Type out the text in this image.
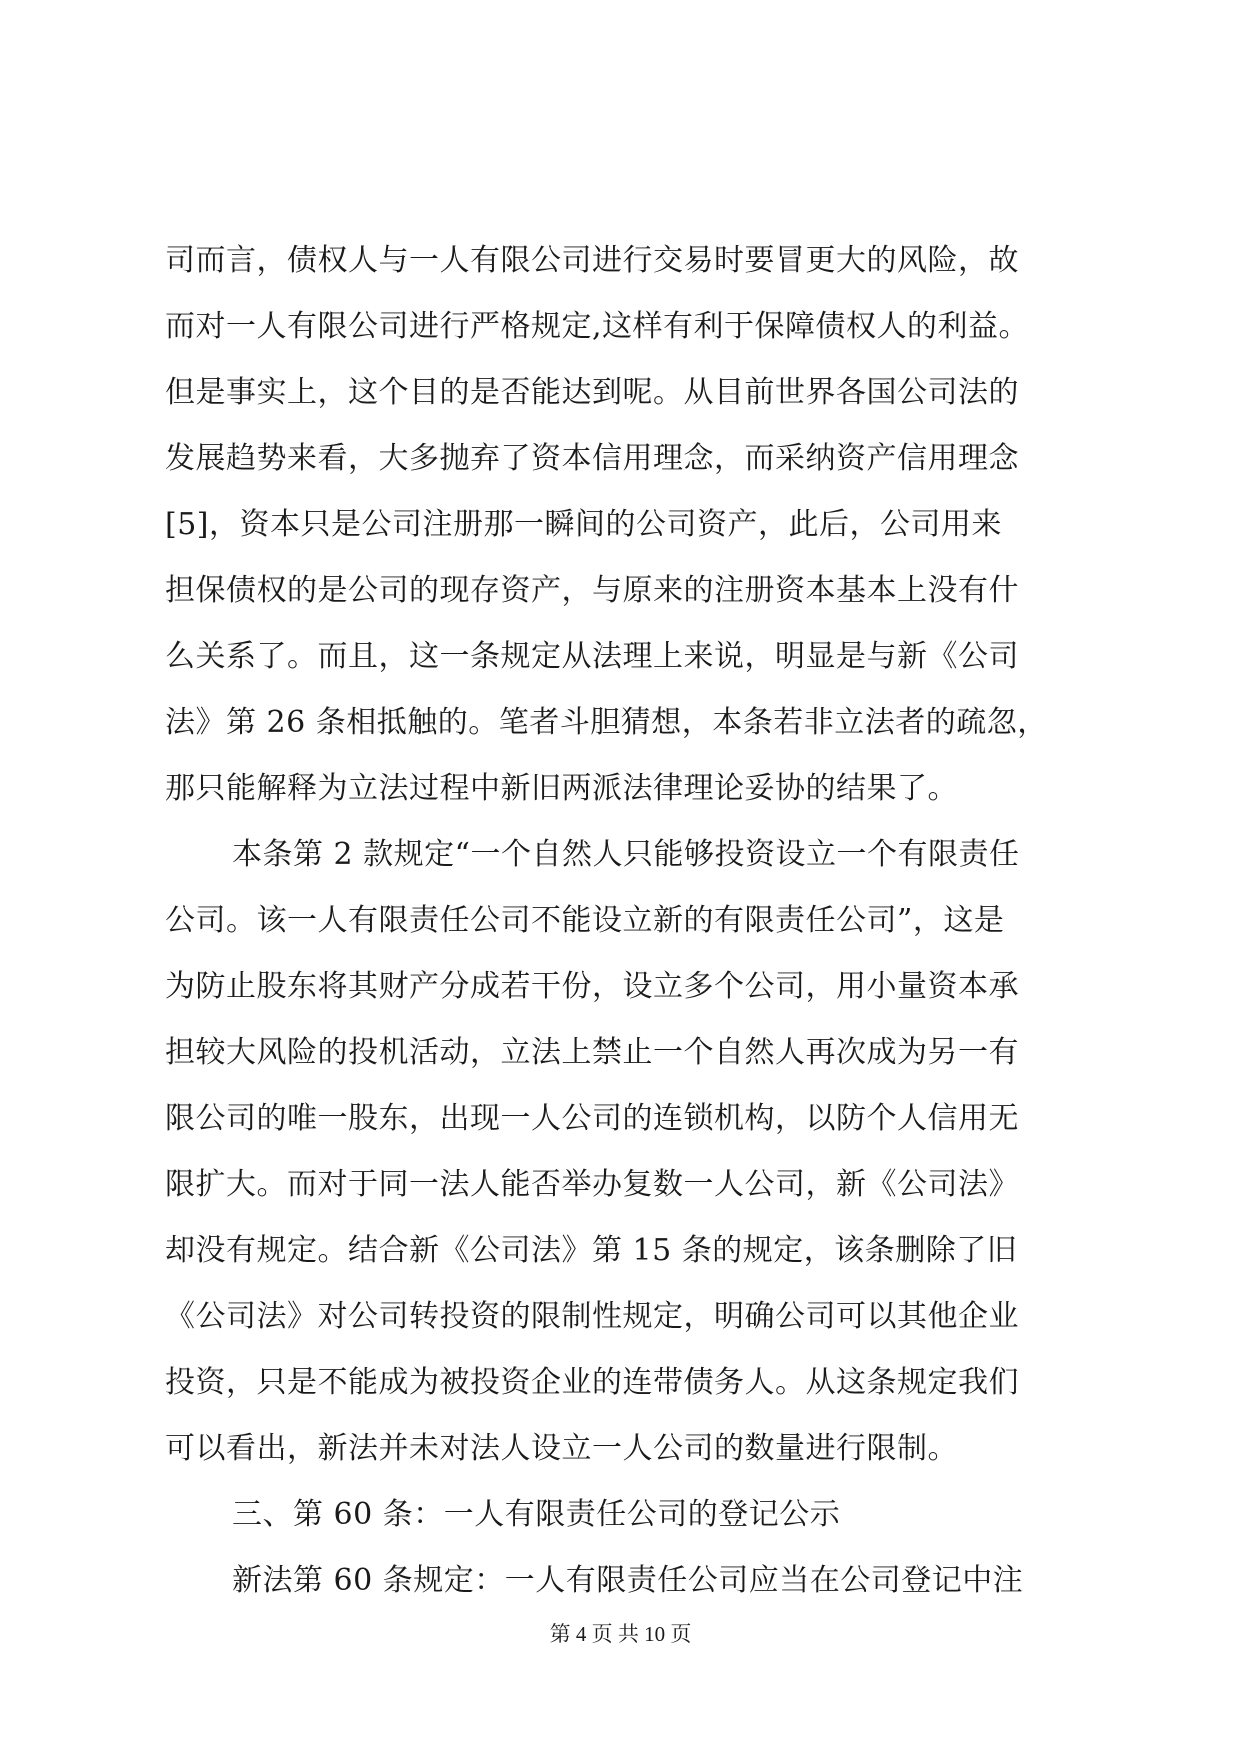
司而言，债权人与一人有限公司进行交易时要冒更大的风险，故
而对一人有限公司进行严格规定,这样有利于保障债权人的利益。
但是事实上，这个目的是否能达到呢。从目前世界各国公司法的
发展趋势来看，大多抛弃了资本信用理念，而采纳资产信用理念
[5]，资本只是公司注册那一瞬间的公司资产，此后，公司用来
担保债权的是公司的现存资产，与原来的注册资本基本上没有什
么关系了。而且，这一条规定从法理上来说，明显是与新《公司
法》第 26 条相抵触的。笔者斗胆猜想，本条若非立法者的疏忽，
那只能解释为立法过程中新旧两派法律理论妥协的结果了。
本条第 2 款规定“一个自然人只能够投资设立一个有限责任
公司。该一人有限责任公司不能设立新的有限责任公司”，这是
为防止股东将其财产分成若干份，设立多个公司，用小量资本承
担较大风险的投机活动，立法上禁止一个自然人再次成为另一有
限公司的唯一股东，出现一人公司的连锁机构，以防个人信用无
限扩大。而对于同一法人能否举办复数一人公司，新《公司法》
却没有规定。结合新《公司法》第 15 条的规定，该条删除了旧
《公司法》对公司转投资的限制性规定，明确公司可以其他企业
投资，只是不能成为被投资企业的连带债务人。从这条规定我们
可以看出，新法并未对法人设立一人公司的数量进行限制。
三、第 60 条：一人有限责任公司的登记公示
新法第 60 条规定：一人有限责任公司应当在公司登记中注
第 4 页 共 10 页
